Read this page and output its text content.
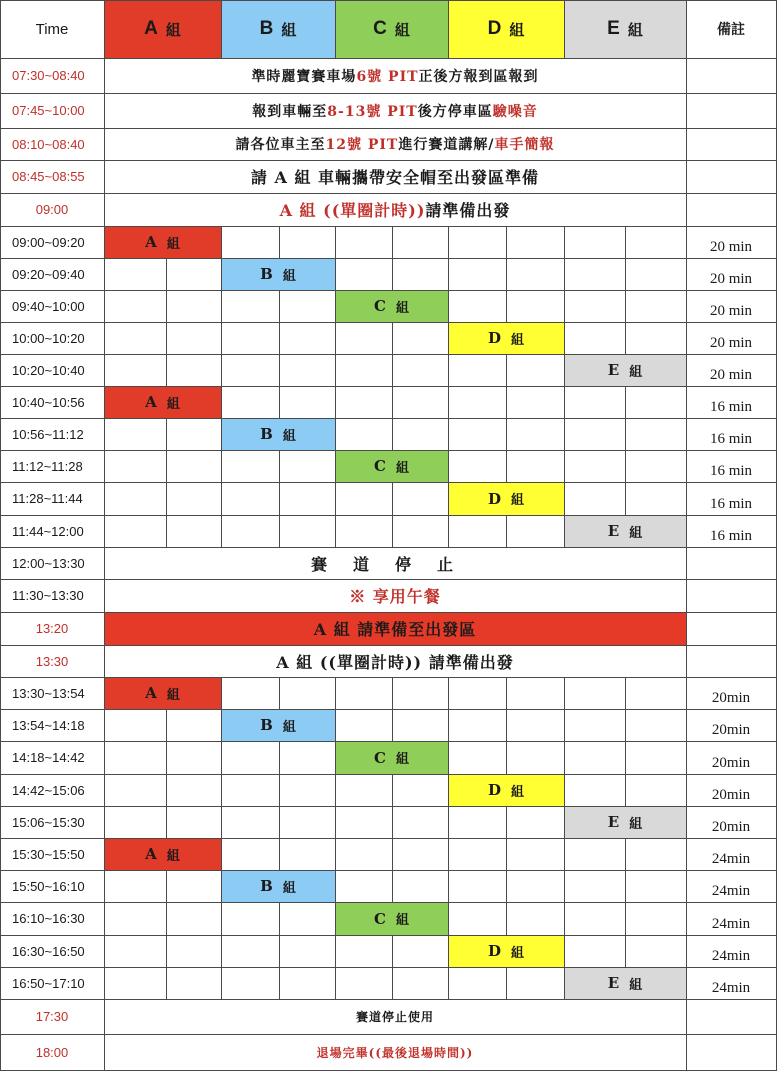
Time	A 組	B 組	C 組	D 組	E 組	備註
07:30~08:40	準時麗寶賽車場 6號 PIT 正後方報到區報到
07:45~10:00	報到車輛至 8-13號 PIT 後方停車區 驗噪音
08:10~08:40	請各位車主至 12號 PIT 進行賽道講解/ 車手簡報
08:45~08:55	請 A 組 車輛攜帶安全帽至出發區準備
09:00	A 組 ((單圈計時)) 請準備出發
09:00~09:20	A 組	20 min
09:20~09:40	B 組	20 min
09:40~10:00	C 組	20 min
10:00~10:20	D 組	20 min
10:20~10:40	E 組	20 min
10:40~10:56	A 組	16 min
10:56~11:12	B 組	16 min
11:12~11:28	C 組	16 min
11:28~11:44	D 組	16 min
11:44~12:00	E 組	16 min
12:00~13:30	賽道停止
11:30~13:30	※ 享用午餐
13:20	A 組 請準備至出發區
13:30	A 組 ((單圈計時)) 請準備出發
13:30~13:54	A 組	20min
13:54~14:18	B 組	20min
14:18~14:42	C 組	20min
14:42~15:06	D 組	20min
15:06~15:30	E 組	20min
15:30~15:50	A 組	24min
15:50~16:10	B 組	24min
16:10~16:30	C 組	24min
16:30~16:50	D 組	24min
16:50~17:10	E 組	24min
17:30	賽道停止使用
18:00	退場完畢((最後退場時間))
